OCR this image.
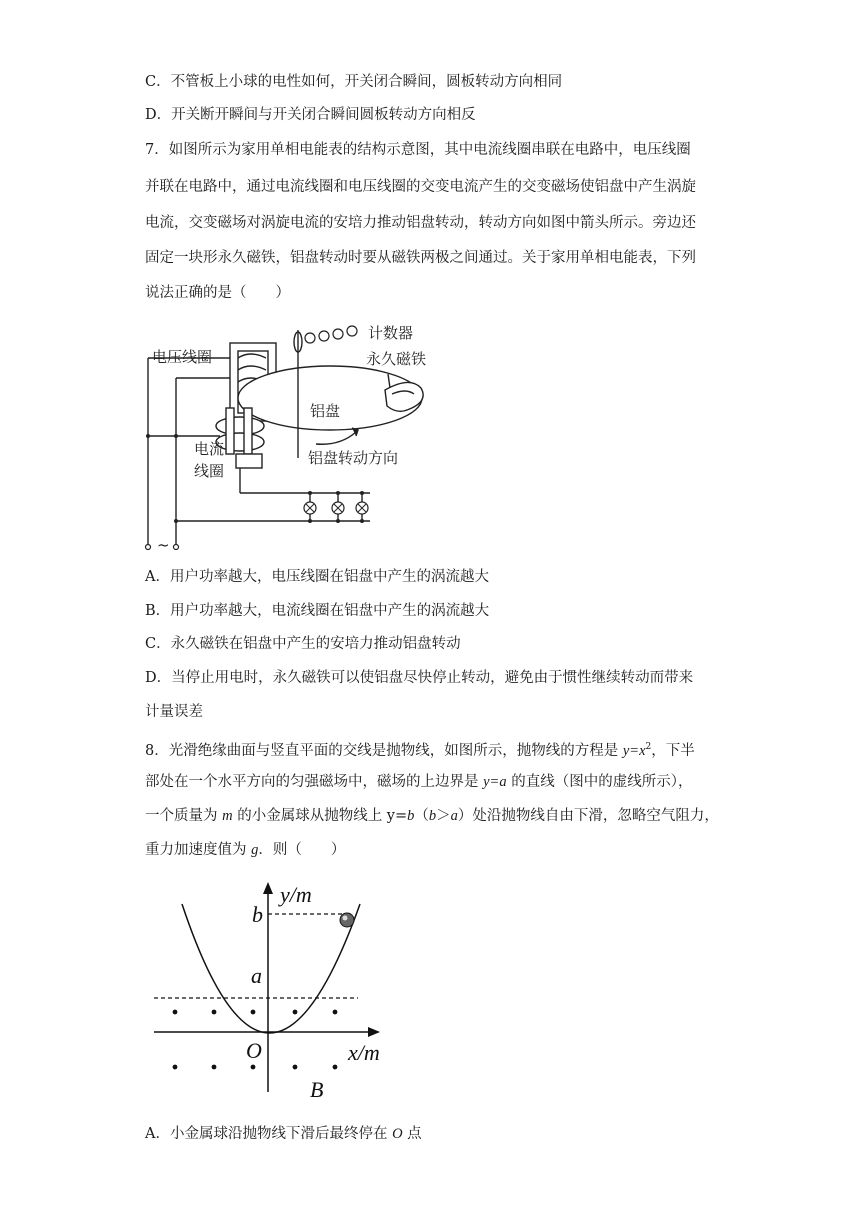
C．不管板上小球的电性如何，开关闭合瞬间，圆板转动方向相同
D．开关断开瞬间与开关闭合瞬间圆板转动方向相反
7．如图所示为家用单相电能表的结构示意图，其中电流线圈串联在电路中，电压线圈
并联在电路中，通过电流线圈和电压线圈的交变电流产生的交变磁场使铝盘中产生涡旋
电流，交变磁场对涡旋电流的安培力推动铝盘转动，转动方向如图中箭头所示。旁边还
固定一块形永久磁铁，铝盘转动时要从磁铁两极之间通过。关于家用单相电能表，下列
说法正确的是（　　）
电压线圈
计数器
永久磁铁
铝盘
电流
线圈
铝盘转动方向
~
A．用户功率越大，电压线圈在铝盘中产生的涡流越大
B．用户功率越大，电流线圈在铝盘中产生的涡流越大
C．永久磁铁在铝盘中产生的安培力推动铝盘转动
D．当停止用电时，永久磁铁可以使铝盘尽快停止转动，避免由于惯性继续转动而带来
计量误差
8．光滑绝缘曲面与竖直平面的交线是抛物线，如图所示，抛物线的方程是 $y=x^2$，下半
部处在一个水平方向的匀强磁场中，磁场的上边界是 y=a 的直线（图中的虚线所示），
一个质量为 m 的小金属球从抛物线上 y=b（b＞a）处沿抛物线自由下滑，忽略空气阻力，
重力加速度值为 g．则（　　）
y/m
x/m
O
b
a
B
A．小金属球沿抛物线下滑后最终停在 O 点
